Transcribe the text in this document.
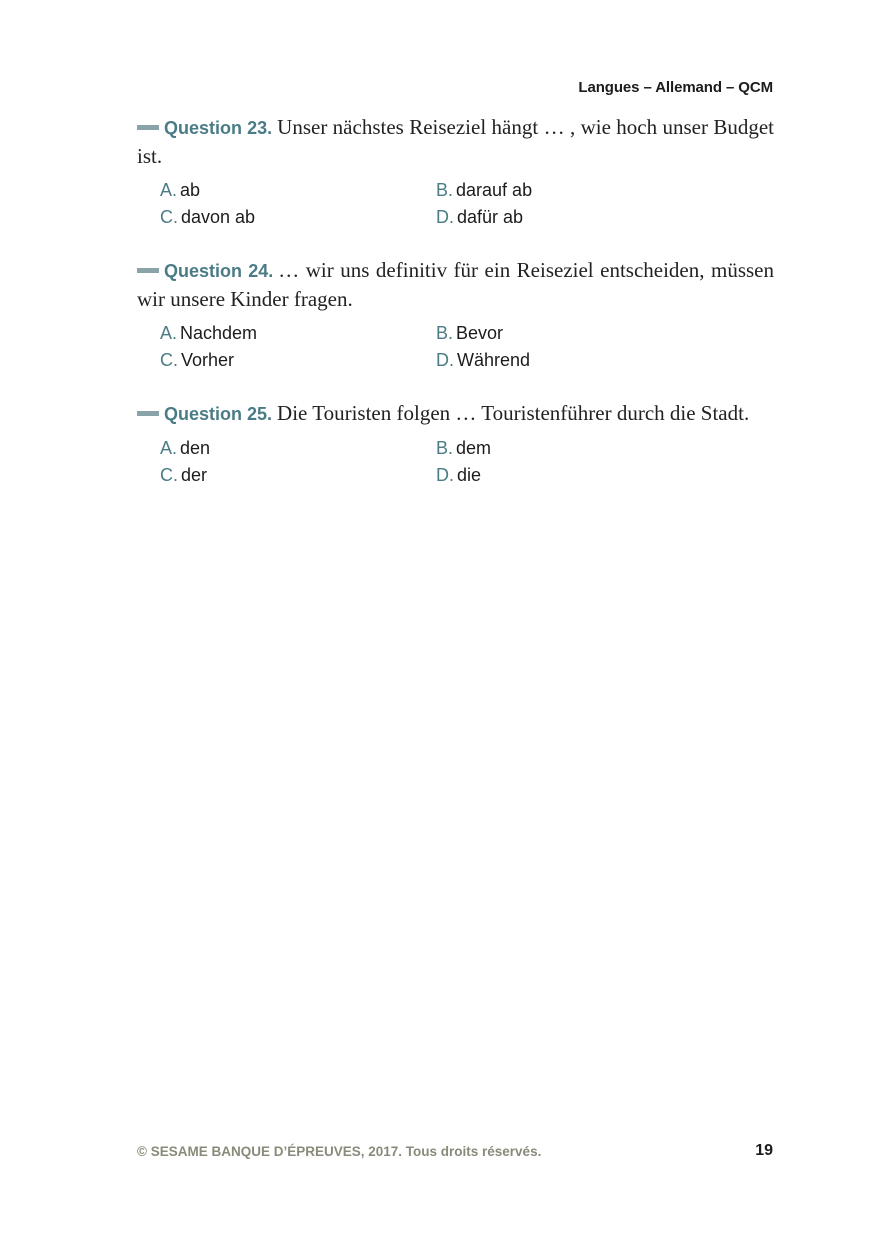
Langues – Allemand – QCM

Question 23. Unser nächstes Reiseziel hängt … , wie hoch unser Budget ist.

A. ab	B. darauf ab
C. davon ab	D. dafür ab

Question 24. … wir uns definitiv für ein Reiseziel entscheiden, müssen wir unsere Kinder fragen.

A. Nachdem	B. Bevor
C. Vorher	D. Während

Question 25. Die Touristen folgen … Touristenführer durch die Stadt.

A. den	B. dem
C. der	D. die
© SESAME BANQUE D’ÉPREUVES, 2017. Tous droits réservés.	19
